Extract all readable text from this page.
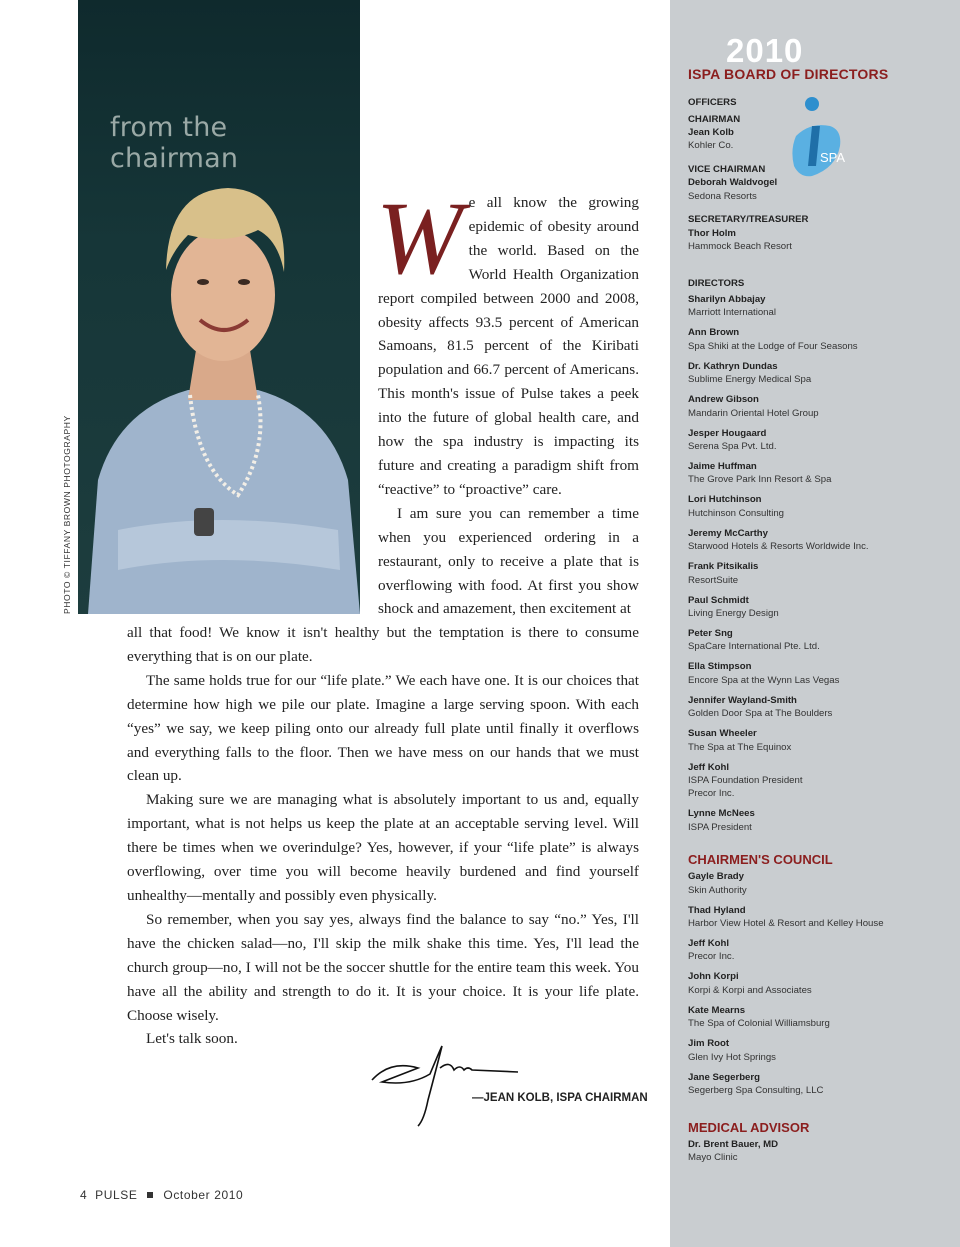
from the chairman
PHOTO © TIFFANY BROWN PHOTOGRAPHY

We all know the growing epidemic of obesity around the world. Based on the World Health Organization report compiled between 2000 and 2008, obesity affects 93.5 percent of American Samoans, 81.5 percent of the Kiribati population and 66.7 percent of Americans. This month's issue of Pulse takes a peek into the future of global health care, and how the spa industry is impacting its future and creating a paradigm shift from “reactive” to “proactive” care.

I am sure you can remember a time when you experienced ordering in a restaurant, only to receive a plate that is overflowing with food. At first you show shock and amazement, then excitement at

all that food! We know it isn't healthy but the temptation is there to consume everything that is on our plate.

The same holds true for our “life plate.” We each have one. It is our choices that determine how high we pile our plate. Imagine a large serving spoon. With each “yes” we say, we keep piling onto our already full plate until finally it overflows and everything falls to the floor. Then we have mess on our hands that we must clean up.

Making sure we are managing what is absolutely important to us and, equally important, what is not helps us keep the plate at an acceptable serving level. Will there be times when we overindulge? Yes, however, if your “life plate” is always overflowing, over time you will become heavily burdened and find yourself unhealthy—mentally and possibly even physically.

So remember, when you say yes, always find the balance to say “no.” Yes, I'll have the chicken salad—no, I'll skip the milk shake this time. Yes, I'll lead the church group—no, I will not be the soccer shuttle for the entire team this week. You have all the ability and strength to do it. It is your choice. It is your life plate. Choose wisely.

Let's talk soon.

—JEAN KOLB, ISPA CHAIRMAN
4 PULSE October 2010
2010
ISPA BOARD OF DIRECTORS
SPA

OFFICERS

CHAIRMAN
Jean Kolb
Kohler Co.
VICE CHAIRMAN
Deborah Waldvogel
Sedona Resorts
SECRETARY/TREASURER
Thor Holm
Hammock Beach Resort

DIRECTORS

Sharilyn Abbajay
Marriott International
Ann Brown
Spa Shiki at the Lodge of Four Seasons
Dr. Kathryn Dundas
Sublime Energy Medical Spa
Andrew Gibson
Mandarin Oriental Hotel Group
Jesper Hougaard
Serena Spa Pvt. Ltd.
Jaime Huffman
The Grove Park Inn Resort & Spa
Lori Hutchinson
Hutchinson Consulting
Jeremy McCarthy
Starwood Hotels & Resorts Worldwide Inc.
Frank Pitsikalis
ResortSuite
Paul Schmidt
Living Energy Design
Peter Sng
SpaCare International Pte. Ltd.
Ella Stimpson
Encore Spa at the Wynn Las Vegas
Jennifer Wayland-Smith
Golden Door Spa at The Boulders
Susan Wheeler
The Spa at The Equinox
Jeff Kohl
ISPA Foundation President
Precor Inc.
Lynne McNees
ISPA President

CHAIRMEN'S COUNCIL

Gayle Brady
Skin Authority
Thad Hyland
Harbor View Hotel & Resort and Kelley House
Jeff Kohl
Precor Inc.
John Korpi
Korpi & Korpi and Associates
Kate Mearns
The Spa of Colonial Williamsburg
Jim Root
Glen Ivy Hot Springs
Jane Segerberg
Segerberg Spa Consulting, LLC

MEDICAL ADVISOR

Dr. Brent Bauer, MD
Mayo Clinic
